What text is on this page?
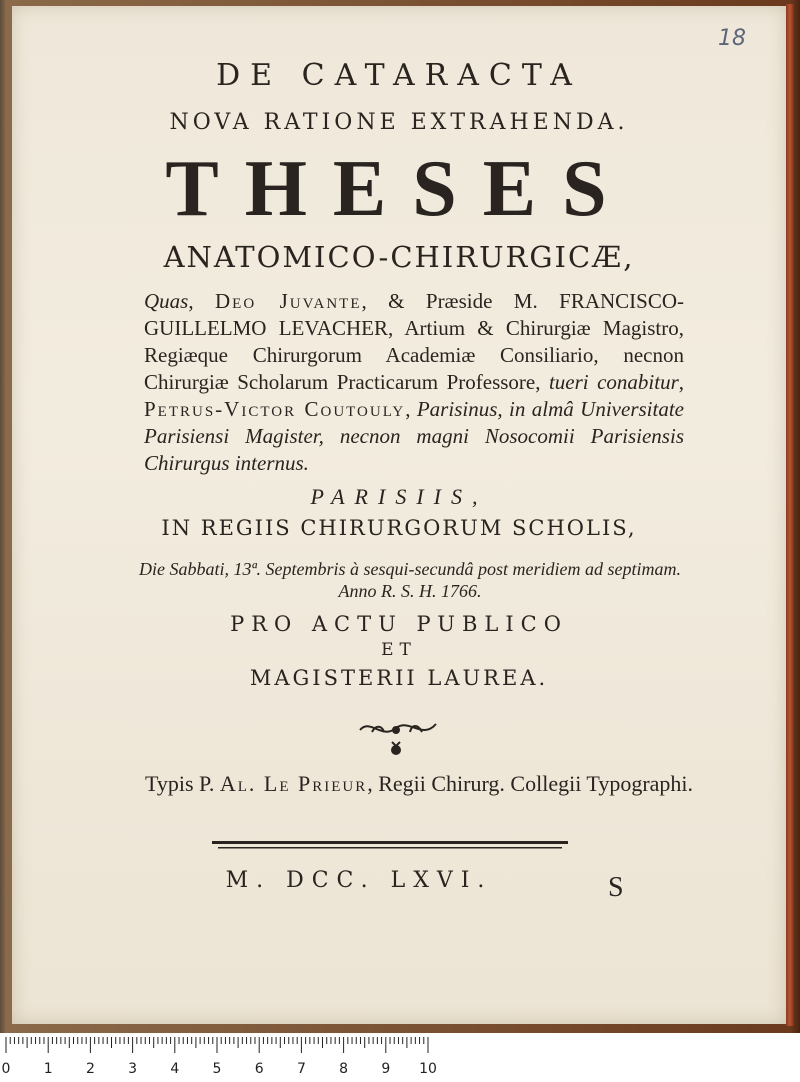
18
DE CATARACTA
NOVA RATIONE EXTRAHENDA.
THESES
ANATOMICO-CHIRURGICÆ,
Quas, Deo Juvante, & Præside M. FRANCISCO-GUILLELMO LEVACHER, Artium & Chirurgiæ Magistro, Regiæque Chirurgorum Academiæ Consiliario, necnon Chirurgiæ Scholarum Practicarum Professore, tueri conabitur, Petrus-Victor Coutouly, Parisinus, in almâ Universitate Parisiensi Magister, necnon magni Nosocomii Parisiensis Chirurgus internus.
PARISIIS,
IN REGIIS CHIRURGORUM SCHOLIS,
Die Sabbati, 13ª. Septembris à sesqui-secundâ post meridiem ad septimam. Anno R. S. H. 1766.
PRO ACTU PUBLICO
ET
MAGISTERII LAUREA.
Typis P. Al. Le Prieur, Regii Chirurg. Collegii Typographi.
M. DCC. LXVI.	S
0 1 2 3 4 5 6 7 8 9 10
